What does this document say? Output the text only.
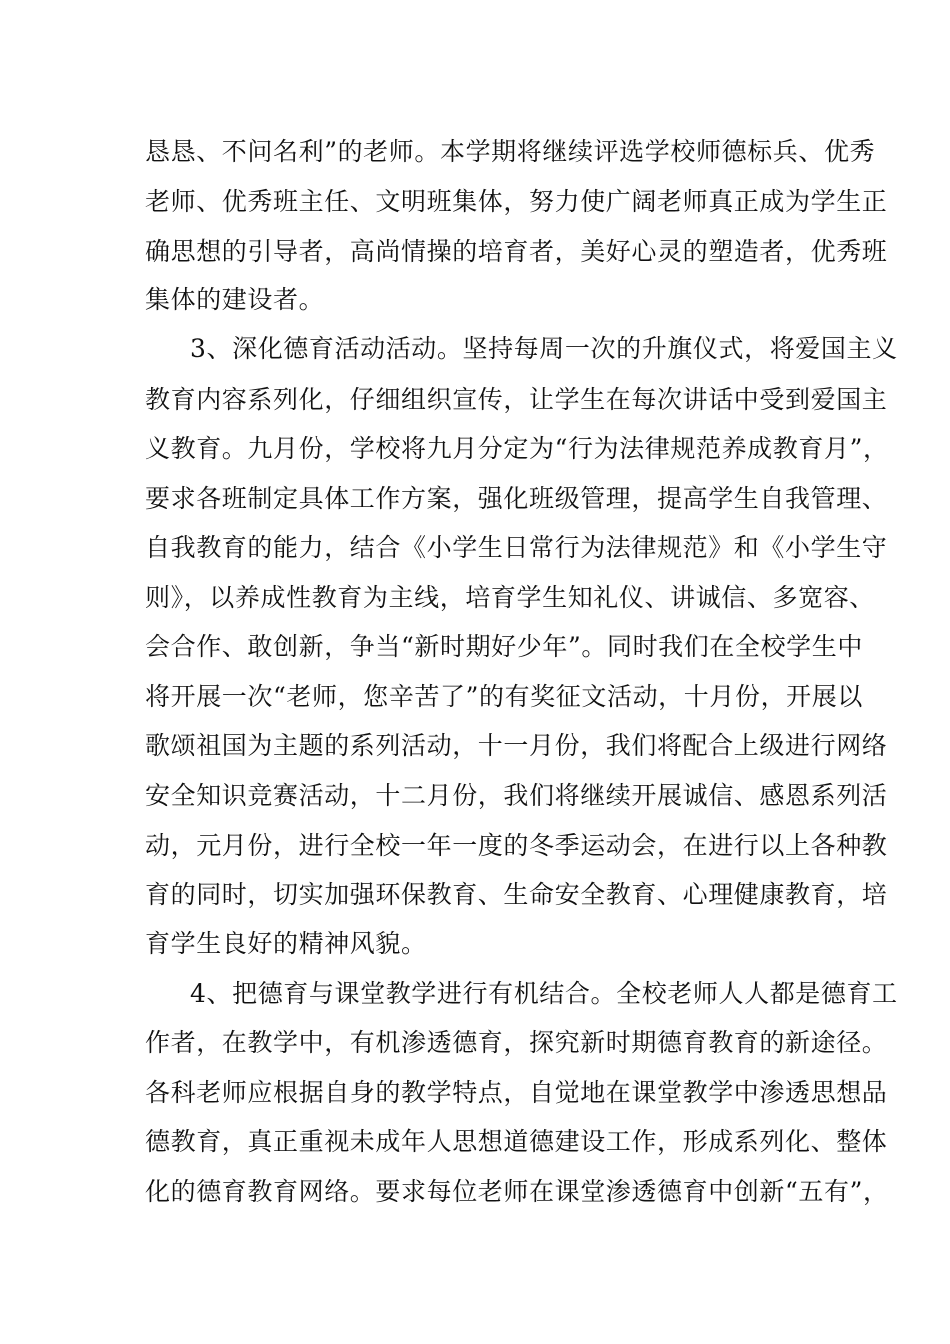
恳恳、不问名利”的老师。本学期将继续评选学校师德标兵、优秀
老师、优秀班主任、文明班集体，努力使广阔老师真正成为学生正
确思想的引导者，高尚情操的培育者，美好心灵的塑造者，优秀班
集体的建设者。
3、深化德育活动活动。坚持每周一次的升旗仪式，将爱国主义
教育内容系列化，仔细组织宣传，让学生在每次讲话中受到爱国主
义教育。九月份，学校将九月分定为“行为法律规范养成教育月”，
要求各班制定具体工作方案，强化班级管理，提高学生自我管理、
自我教育的能力，结合《小学生日常行为法律规范》和《小学生守
则》，以养成性教育为主线，培育学生知礼仪、讲诚信、多宽容、
会合作、敢创新，争当“新时期好少年”。同时我们在全校学生中
将开展一次“老师，您辛苦了”的有奖征文活动，十月份，开展以
歌颂祖国为主题的系列活动，十一月份，我们将配合上级进行网络
安全知识竞赛活动，十二月份，我们将继续开展诚信、感恩系列活
动，元月份，进行全校一年一度的冬季运动会，在进行以上各种教
育的同时，切实加强环保教育、生命安全教育、心理健康教育，培
育学生良好的精神风貌。
4、把德育与课堂教学进行有机结合。全校老师人人都是德育工
作者，在教学中，有机渗透德育，探究新时期德育教育的新途径。
各科老师应根据自身的教学特点，自觉地在课堂教学中渗透思想品
德教育，真正重视未成年人思想道德建设工作，形成系列化、整体
化的德育教育网络。要求每位老师在课堂渗透德育中创新“五有”，
